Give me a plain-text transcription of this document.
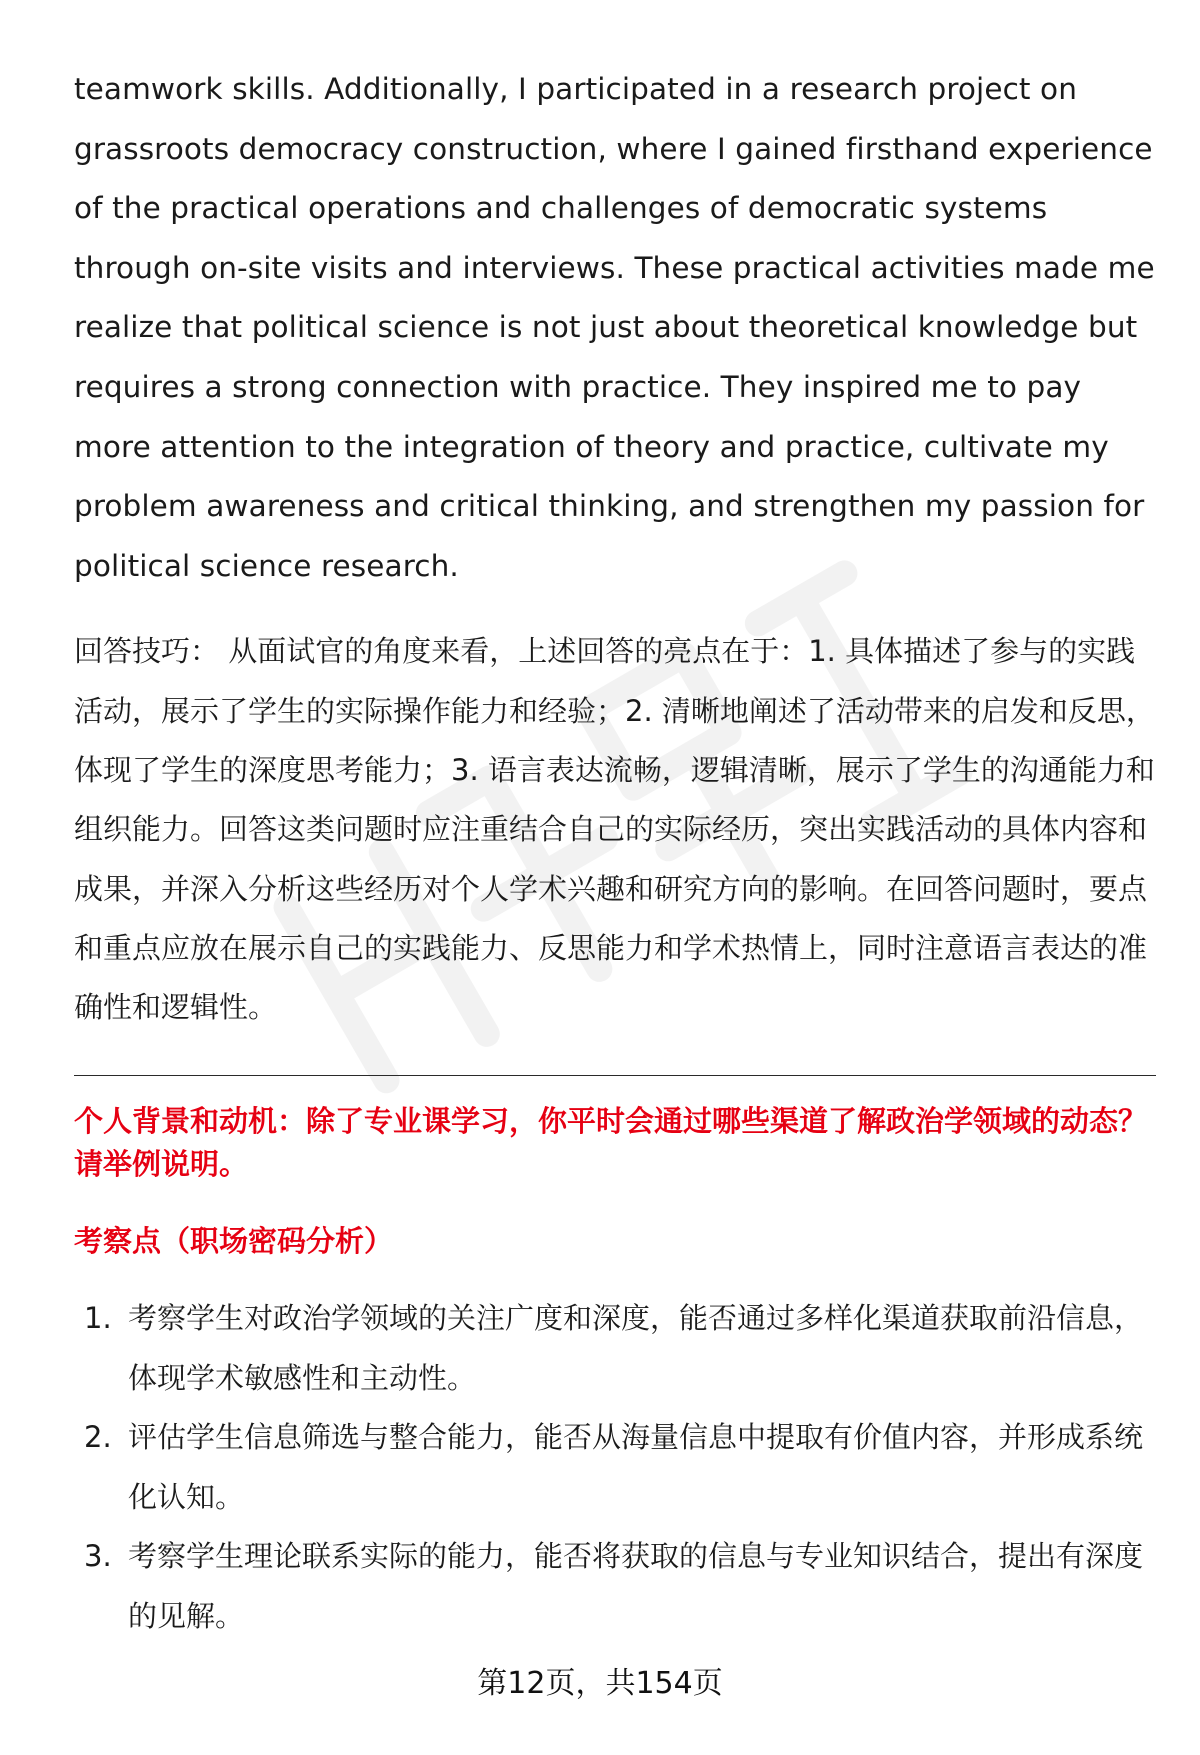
teamwork skills. Additionally, I participated in a research project on grassroots democracy construction, where I gained firsthand experience of the practical operations and challenges of democratic systems through on-site visits and interviews. These practical activities made me realize that political science is not just about theoretical knowledge but requires a strong connection with practice. They inspired me to pay more attention to the integration of theory and practice, cultivate my problem awareness and critical thinking, and strengthen my passion for political science research.

回答技巧： 从面试官的角度来看，上述回答的亮点在于：1. 具体描述了参与的实践活动，展示了学生的实际操作能力和经验；2. 清晰地阐述了活动带来的启发和反思，体现了学生的深度思考能力；3. 语言表达流畅，逻辑清晰，展示了学生的沟通能力和组织能力。回答这类问题时应注重结合自己的实际经历，突出实践活动的具体内容和成果，并深入分析这些经历对个人学术兴趣和研究方向的影响。在回答问题时，要点和重点应放在展示自己的实践能力、反思能力和学术热情上，同时注意语言表达的准确性和逻辑性。

个人背景和动机：除了专业课学习，你平时会通过哪些渠道了解政治学领域的动态？请举例说明。
考察点（职场密码分析）
1. 考察学生对政治学领域的关注广度和深度，能否通过多样化渠道获取前沿信息，体现学术敏感性和主动性。
2. 评估学生信息筛选与整合能力，能否从海量信息中提取有价值内容，并形成系统化认知。
3. 考察学生理论联系实际的能力，能否将获取的信息与专业知识结合，提出有深度的见解。
第12页，共154页
